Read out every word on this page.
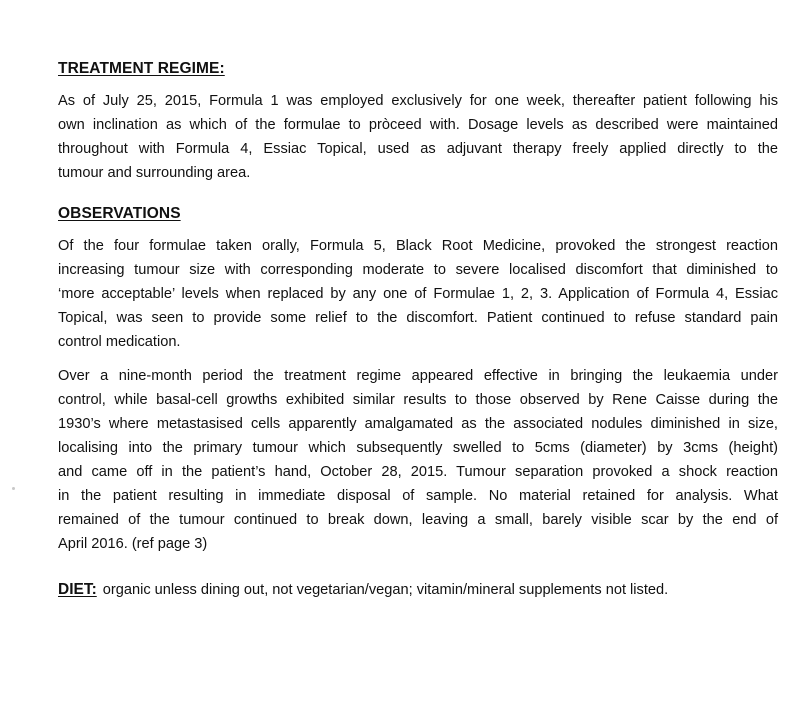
TREATMENT REGIME:

As of July 25, 2015, Formula 1 was employed exclusively for one week, thereafter patient following his
own inclination as which of the formulae to pròceed with. Dosage levels as described were maintained
throughout with Formula 4, Essiac Topical, used as adjuvant therapy freely applied directly to the
tumour and surrounding area.

OBSERVATIONS

Of the four formulae taken orally, Formula 5, Black Root Medicine, provoked the strongest reaction
increasing tumour size with corresponding moderate to severe localised discomfort that diminished to
‘more acceptable’ levels when replaced by any one of Formulae 1, 2, 3. Application of Formula 4, Essiac
Topical, was seen to provide some relief to the discomfort. Patient continued to refuse standard pain
control medication.

Over a nine-month period the treatment regime appeared effective in bringing the leukaemia under
control, while basal-cell growths exhibited similar results to those observed by Rene Caisse during the
1930’s where metastasised cells apparently amalgamated as the associated nodules diminished in size,
localising into the primary tumour which subsequently swelled to 5cms (diameter) by 3cms (height)
and came off in the patient’s hand, October 28, 2015. Tumour separation provoked a shock reaction
in the patient resulting in immediate disposal of sample. No material retained for analysis. What
remained of the tumour continued to break down, leaving a small, barely visible scar by the end of
April 2016. (ref page 3)

DIET: organic unless dining out, not vegetarian/vegan; vitamin/mineral supplements not listed.
